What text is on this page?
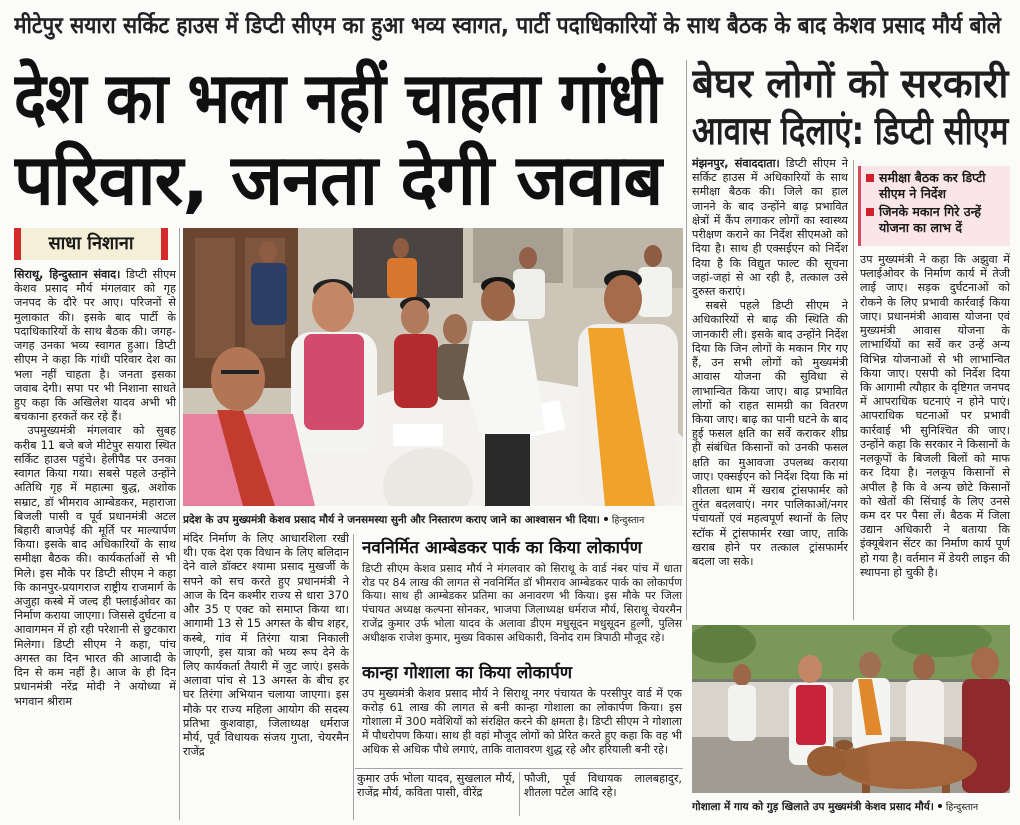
मीटेपुर सयारा सर्किट हाउस में डिप्टी सीएम का हुआ भव्य स्वागत, पार्टी पदाधिकारियों के साथ बैठक के बाद केशव प्रसाद मौर्य बोले
देश का भला नहीं चाहता गांधी
परिवार, जनता देगी जवाब
बेघर लोगों को सरकारी
आवास दिलाएं: डिप्टी सीएम
साधा निशाना

सिराथू, हिन्दुस्तान संवाद। डिप्टी सीएम केशव प्रसाद मौर्य मंगलवार को गृह जनपद के दौरे पर आए। परिजनों से मुलाकात की। इसके बाद पार्टी के पदाधिकारियों के साथ बैठक की। जगह-जगह उनका भव्य स्वागत हुआ। डिप्टी सीएम ने कहा कि गांधी परिवार देश का भला नहीं चाहता है। जनता इसका जवाब देगी। सपा पर भी निशाना साधते हुए कहा कि अखिलेश यादव अभी भी बचकाना हरकतें कर रहे हैं।

उपमुख्यमंत्री मंगलवार को सुबह करीब 11 बजे बजे मीटेपुर सयारा स्थित सर्किट हाउस पहुंचे। हेलीपैड पर उनका स्वागत किया गया। सबसे पहले उन्होंने अतिथि गृह में महात्मा बुद्ध, अशोक सम्राट, डॉ भीमराव आम्बेडकर, महाराजा बिजली पासी व पूर्व प्रधानमंत्री अटल बिहारी बाजपेई की मूर्ति पर माल्यार्पण किया। इसके बाद अधिकारियों के साथ समीक्षा बैठक की। कार्यकर्ताओं से भी मिले। इस मौके पर डिप्टी सीएम ने कहा कि कानपुर-प्रयागराज राष्ट्रीय राजमार्ग के अजुहा कस्बे में जल्द ही फ्लाईओवर का निर्माण कराया जाएगा। जिससे दुर्घटना व आवागमन में हो रही परेशानी से छुटकारा मिलेगा। डिप्टी सीएम ने कहा, पांच अगस्त का दिन भारत की आजादी के दिन से कम नहीं है। आज के ही दिन प्रधानमंत्री नरेंद्र मोदी ने अयोध्या में भगवान श्रीराम

प्रदेश के उप मुख्यमंत्री केशव प्रसाद मौर्य ने जनसमस्या सुनी और निस्तारण कराए जाने का आश्वासन भी दिया। हिन्दुस्तान

मंदिर निर्माण के लिए आधारशिला रखी थी। एक देश एक विधान के लिए बलिदान देने वाले डॉक्टर श्यामा प्रसाद मुखर्जी के सपने को सच करते हुए प्रधानमंत्री ने आज के दिन कश्मीर राज्य से धारा 370 और 35 ए एक्ट को समाप्त किया था। आगामी 13 से 15 अगस्त के बीच शहर, कस्बे, गांव में तिरंगा यात्रा निकाली जाएगी, इस यात्रा को भव्य रूप देने के लिए कार्यकर्ता तैयारी में जुट जाएं। इसके अलावा पांच से 13 अगस्त के बीच हर घर तिरंगा अभियान चलाया जाएगा। इस मौके पर राज्य महिला आयोग की सदस्य प्रतिभा कुशवाहा, जिलाध्यक्ष धर्मराज मौर्य, पूर्व विधायक संजय गुप्ता, चेयरमैन राजेंद्र

नवनिर्मित आम्बेडकर पार्क का किया लोकार्पण

डिप्टी सीएम केशव प्रसाद मौर्य ने मंगलवार को सिराथू के वार्ड नंबर पांच में धाता रोड पर 84 लाख की लागत से नवनिर्मित डॉ भीमराव आम्बेडकर पार्क का लोकार्पण किया। साथ ही आम्बेडकर प्रतिमा का अनावरण भी किया। इस मौके पर जिला पंचायत अध्यक्ष कल्पना सोनकर, भाजपा जिलाध्यक्ष धर्मराज मौर्य, सिराथू चेयरमैन राजेंद्र कुमार उर्फ भोला यादव के अलावा डीएम मधुसूदन मधुसूदन हुल्गी, पुलिस अधीक्षक राजेश कुमार, मुख्य विकास अधिकारी, विनोद राम त्रिपाठी मौजूद रहे।

कान्हा गोशाला का किया लोकार्पण

उप मुख्यमंत्री केशव प्रसाद मौर्य ने सिराथू नगर पंचायत के परसीपुर वार्ड में एक करोड़ 61 लाख की लागत से बनी कान्हा गोशाला का लोकार्पण किया। इस गोशाला में 300 मवेशियों को संरक्षित करने की क्षमता है। डिप्टी सीएम ने गोशाला में पौधरोपण किया। साथ ही वहां मौजूद लोगों को प्रेरित करते हुए कहा कि वह भी अधिक से अधिक पौधे लगाएं, ताकि वातावरण शुद्ध रहे और हरियाली बनी रहे।

कुमार उर्फ भोला यादव, सुखलाल मौर्य, राजेंद्र मौर्य, कविता पासी, वीरेंद्र

फौजी, पूर्व विधायक लालबहादुर, शीतला पटेल आदि रहे।

मंझनपुर, संवाददाता। डिप्टी सीएम ने सर्किट हाउस में अधिकारियों के साथ समीक्षा बैठक की। जिले का हाल जानने के बाद उन्होंने बाढ़ प्रभावित क्षेत्रों में कैंप लगाकर लोगों का स्वास्थ्य परीक्षण कराने का निर्देश सीएमओ को दिया है। साथ ही एक्सईएन को निर्देश दिया है कि विद्युत फाल्ट की सूचना जहां-जहां से आ रही है, तत्काल उसे दुरुस्त कराएं।

सबसे पहले डिप्टी सीएम ने अधिकारियों से बाढ़ की स्थिति की जानकारी ली। इसके बाद उन्होंने निर्देश दिया कि जिन लोगों के मकान गिर गए हैं, उन सभी लोगों को मुख्यमंत्री आवास योजना की सुविधा से लाभान्वित किया जाए। बाढ़ प्रभावित लोगों को राहत सामग्री का वितरण किया जाए। बाढ़ का पानी घटने के बाद हुई फसल क्षति का सर्वे कराकर शीघ्र ही संबंधित किसानों को उनकी फसल क्षति का मुआवजा उपलब्ध कराया जाए। एक्सईएन को निर्देश दिया कि मां शीतला धाम में खराब ट्रांसफार्मर को तुरंत बदलवाएं। नगर पालिकाओं/नगर पंचायतों एवं महत्वपूर्ण स्थानों के लिए स्टॉक में ट्रांसफार्मर रखा जाए, ताकि खराब होने पर तत्काल ट्रांसफार्मर बदला जा सके।

समीक्षा बैठक कर डिप्टी सीएम ने निर्देश
जिनके मकान गिरे उन्हें योजना का लाभ दें

उप मुख्यमंत्री ने कहा कि अझुवा में फ्लाईओवर के निर्माण कार्य में तेजी लाई जाए। सड़क दुर्घटनाओं को रोकने के लिए प्रभावी कार्रवाई किया जाए। प्रधानमंत्री आवास योजना एवं मुख्यमंत्री आवास योजना के लाभार्थियों का सर्वे कर उन्हें अन्य विभिन्न योजनाओं से भी लाभान्वित किया जाए। एसपी को निर्देश दिया कि आगामी त्यौहार के दृष्टिगत जनपद में आपराधिक घटनाएं न होने पाएं। आपराधिक घटनाओं पर प्रभावी कार्रवाई भी सुनिश्चित की जाए। उन्होंने कहा कि सरकार ने किसानों के नलकूपों के बिजली बिलों को माफ कर दिया है। नलकूप किसानों से अपील है कि वे अन्य छोटे किसानों को खेतों की सिंचाई के लिए उनसे कम दर पर पैसा लें। बैठक में जिला उद्यान अधिकारी ने बताया कि इंक्यूबेशन सेंटर का निर्माण कार्य पूर्ण हो गया है। वर्तमान में डेयरी लाइन की स्थापना हो चुकी है।

गोशाला में गाय को गुड़ खिलाते उप मुख्यमंत्री केशव प्रसाद मौर्य। हिन्दुस्तान
